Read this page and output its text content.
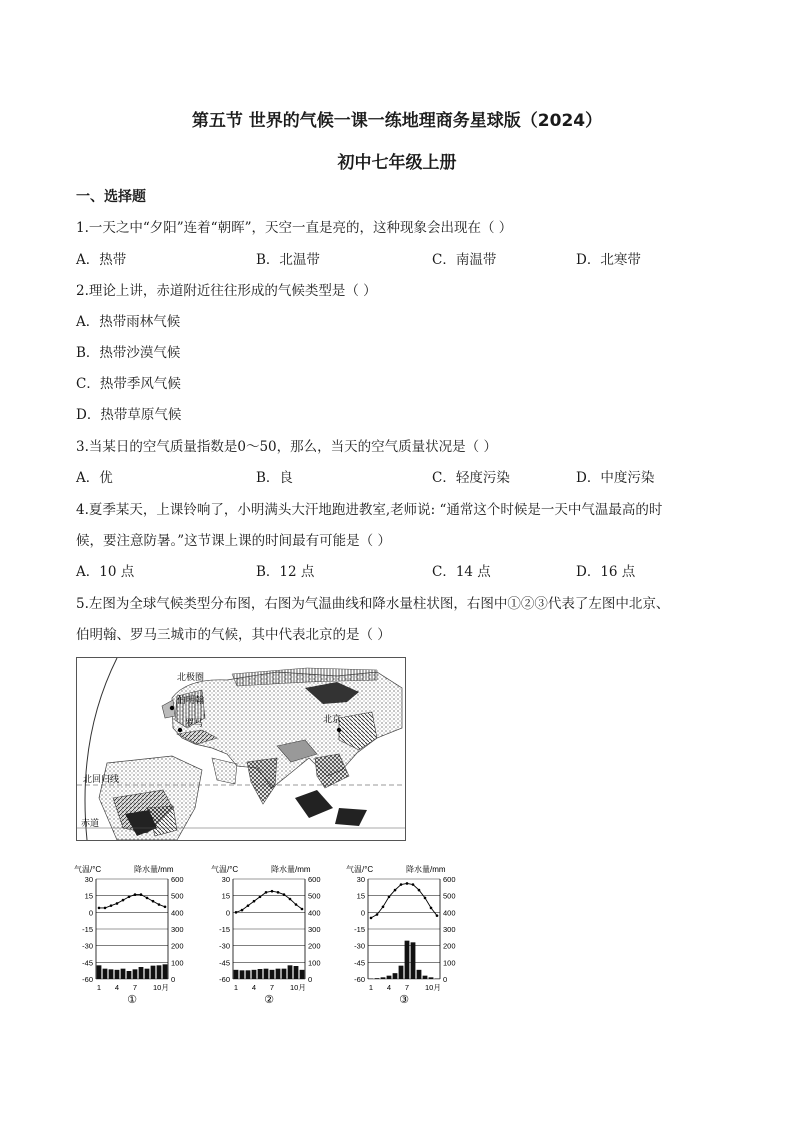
第五节 世界的气候一课一练地理商务星球版（2024）
初中七年级上册
一、选择题
1.一天之中“夕阳”连着“朝晖”，天空一直是亮的，这种现象会出现在（ ）
A．热带	B．北温带	C．南温带	D．北寒带
2.理论上讲，赤道附近往往形成的气候类型是（ ）
A．热带雨林气候
B．热带沙漠气候
C．热带季风气候
D．热带草原气候
3.当某日的空气质量指数是0～50，那么，当天的空气质量状况是（ ）
A．优	B．良	C．轻度污染	D．中度污染
4.夏季某天，上课铃响了，小明满头大汗地跑进教室,老师说: “通常这个时候是一天中气温最高的时
候，要注意防暑。”这节课上课的时间最有可能是（ ）
A．10 点	B．12 点	C．14 点	D．16 点
5.左图为全球气候类型分布图，右图为气温曲线和降水量柱状图，右图中①②③代表了左图中北京、
伯明翰、罗马三城市的气候，其中代表北京的是（ ）
北极圈
伯明翰
罗马	北京
北回归线
赤道
气温/°C	降水量/mm
30	600
15	500
0	400
-15	300
-30	200
-45	100
-60	0
1 4 7 10月
①
气温/°C	降水量/mm
30	600
15	500
0	400
-15	300
-30	200
-45	100
-60	0
1 4 7 10月
②
气温/°C	降水量/mm
30	600
15	500
0	400
-15	300
-30	200
-45	100
-60	0
1 4 7 10月
③
